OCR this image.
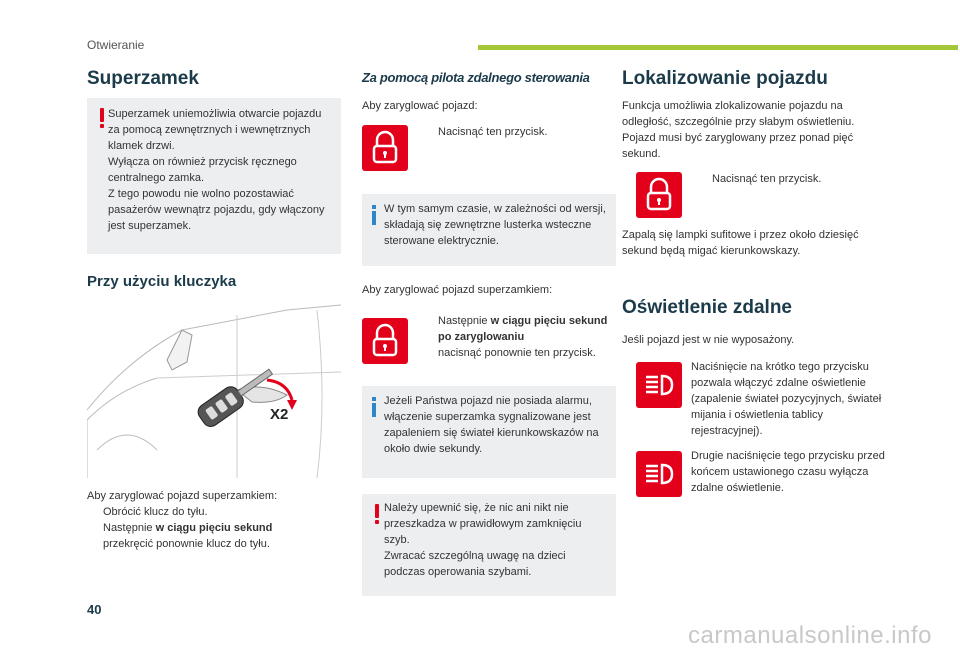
Otwieranie
Superzamek
Superzamek uniemożliwia otwarcie pojazdu za pomocą zewnętrznych i wewnętrznych klamek drzwi.
Wyłącza on również przycisk ręcznego centralnego zamka.
Z tego powodu nie wolno pozostawiać pasażerów wewnątrz pojazdu, gdy włączony jest superzamek.
Przy użyciu kluczyka
X2
Aby zaryglować pojazd superzamkiem:
Obrócić klucz do tyłu.
Następnie w ciągu pięciu sekund
przekręcić ponownie klucz do tyłu.
Za pomocą pilota zdalnego sterowania
Aby zaryglować pojazd:
Nacisnąć ten przycisk.
W tym samym czasie, w zależności od wersji, składają się zewnętrzne lusterka wsteczne sterowane elektrycznie.
Aby zaryglować pojazd superzamkiem:
Następnie w ciągu pięciu sekund po zaryglowaniu
nacisnąć ponownie ten przycisk.
Jeżeli Państwa pojazd nie posiada alarmu, włączenie superzamka sygnalizowane jest zapaleniem się świateł kierunkowskazów na około dwie sekundy.
Należy upewnić się, że nic ani nikt nie przeszkadza w prawidłowym zamknięciu szyb.
Zwracać szczególną uwagę na dzieci podczas operowania szybami.
Lokalizowanie pojazdu
Funkcja umożliwia zlokalizowanie pojazdu na odległość, szczególnie przy słabym oświetleniu. Pojazd musi być zaryglowany przez ponad pięć sekund.
Nacisnąć ten przycisk.
Zapalą się lampki sufitowe i przez około dziesięć sekund będą migać kierunkowskazy.
Oświetlenie zdalne
Jeśli pojazd jest w nie wyposażony.
Naciśnięcie na krótko tego przycisku pozwala włączyć zdalne oświetlenie (zapalenie świateł pozycyjnych, świateł mijania i oświetlenia tablicy rejestracyjnej).
Drugie naciśnięcie tego przycisku przed końcem ustawionego czasu wyłącza zdalne oświetlenie.
40
carmanualsonline.info
